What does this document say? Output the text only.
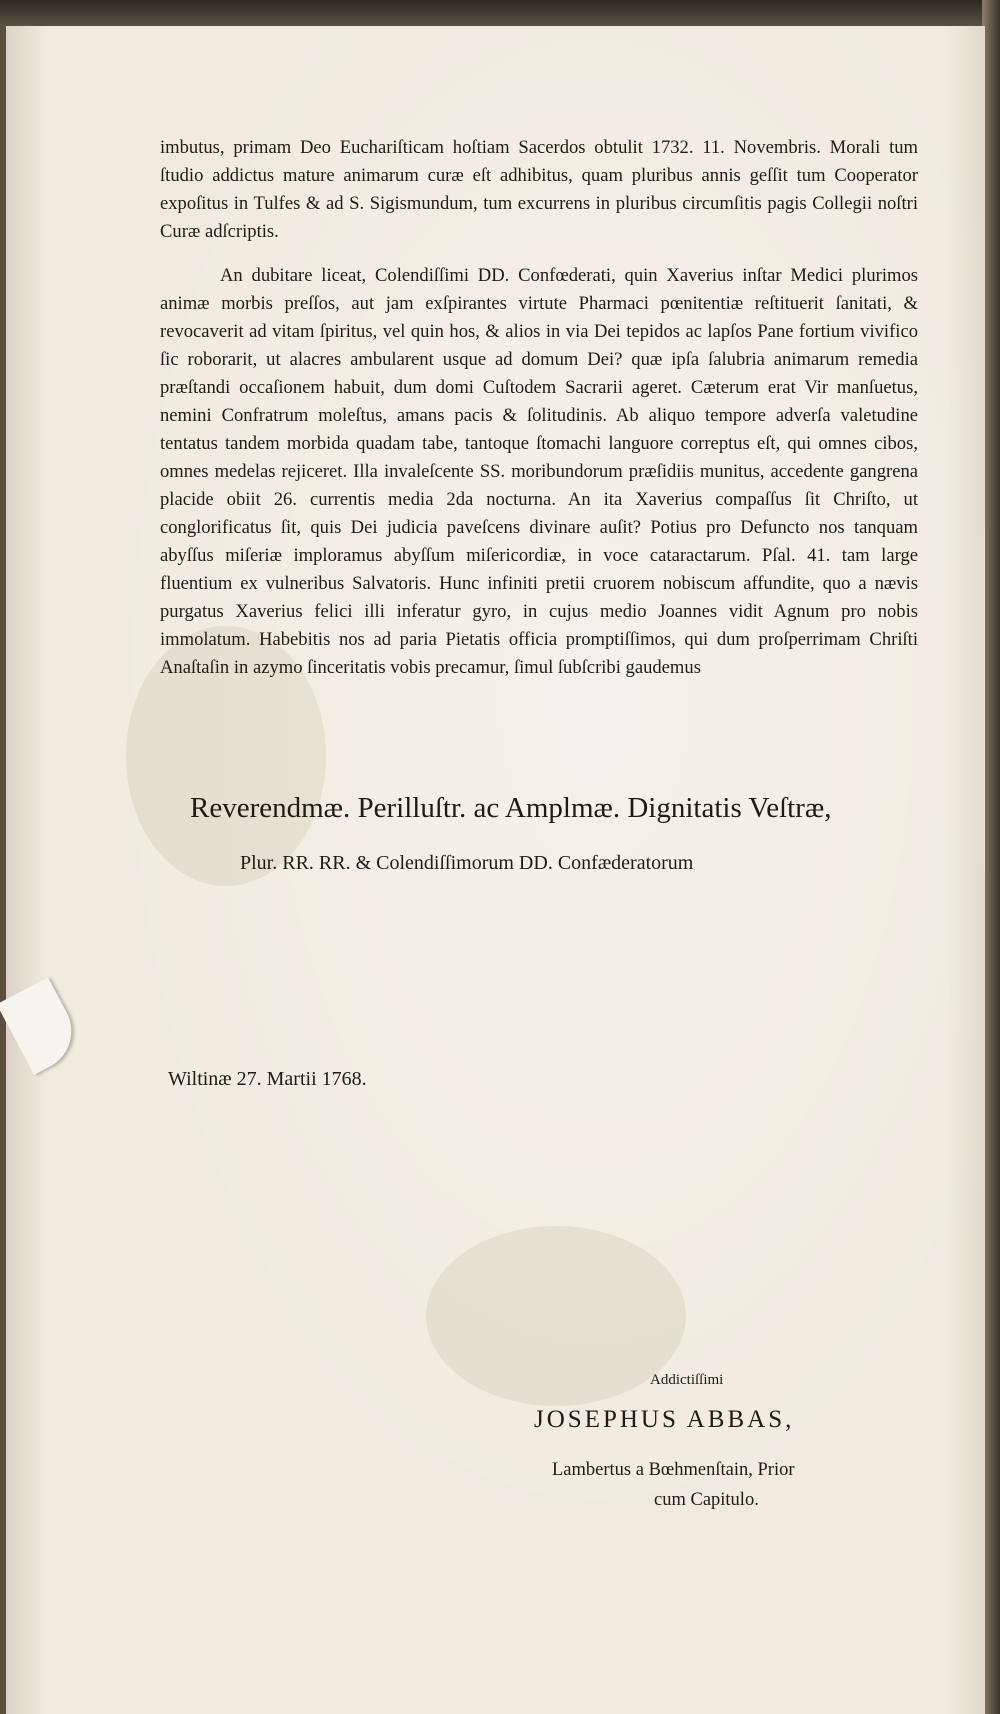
imbutus, primam Deo Euchariſticam hoſtiam Sacerdos obtulit 1732. 11. Novembris. Morali tum ſtudio addictus mature animarum curæ eſt adhibitus, quam pluribus annis geſſit tum Cooperator expoſitus in Tulfes & ad S. Sigismundum, tum excurrens in pluribus circumſitis pagis Collegii noſtri Curæ adſcriptis.

An dubitare liceat, Colendiſſimi DD. Confœderati, quin Xaverius inſtar Medici plurimos animæ morbis preſſos, aut jam exſpirantes virtute Pharmaci pœnitentiæ reſtituerit ſanitati, & revocaverit ad vitam ſpiritus, vel quin hos, & alios in via Dei tepidos ac lapſos Pane fortium vivifico ſic roborarit, ut alacres ambularent usque ad domum Dei? quæ ipſa ſalubria animarum remedia præſtandi occaſionem habuit, dum domi Cuſtodem Sacrarii ageret. Cæterum erat Vir manſuetus, nemini Confratrum moleſtus, amans pacis & ſolitudinis. Ab aliquo tempore adverſa valetudine tentatus tandem morbida quadam tabe, tantoque ſtomachi languore correptus eſt, qui omnes cibos, omnes medelas rejiceret. Illa invaleſcente SS. moribundorum præſidiis munitus, accedente gangrena placide obiit 26. currentis media 2da nocturna. An ita Xaverius compaſſus ſit Chriſto, ut conglorificatus ſit, quis Dei judicia paveſcens divinare auſit? Potius pro Defuncto nos tanquam abyſſus miſeriæ imploramus abyſſum miſericordiæ, in voce cataractarum. Pſal. 41. tam large fluentium ex vulneribus Salvatoris. Hunc infiniti pretii cruorem nobiscum affundite, quo a nævis purgatus Xaverius felici illi inferatur gyro, in cujus medio Joannes vidit Agnum pro nobis immolatum. Habebitis nos ad paria Pietatis officia promptiſſimos, qui dum proſperrimam Chriſti Anaſtaſin in azymo ſinceritatis vobis precamur, ſimul ſubſcribi gaudemus

Reverendmæ. Perilluſtr. ac Amplmæ. Dignitatis Veſtræ,

Plur. RR. RR. & Colendiſſimorum DD. Confæderatorum

Wiltinæ 27. Martii 1768.

Addictiſſimi

JOSEPHUS ABBAS,

Lambertus a Bœhmenſtain, Prior

cum Capitulo.
